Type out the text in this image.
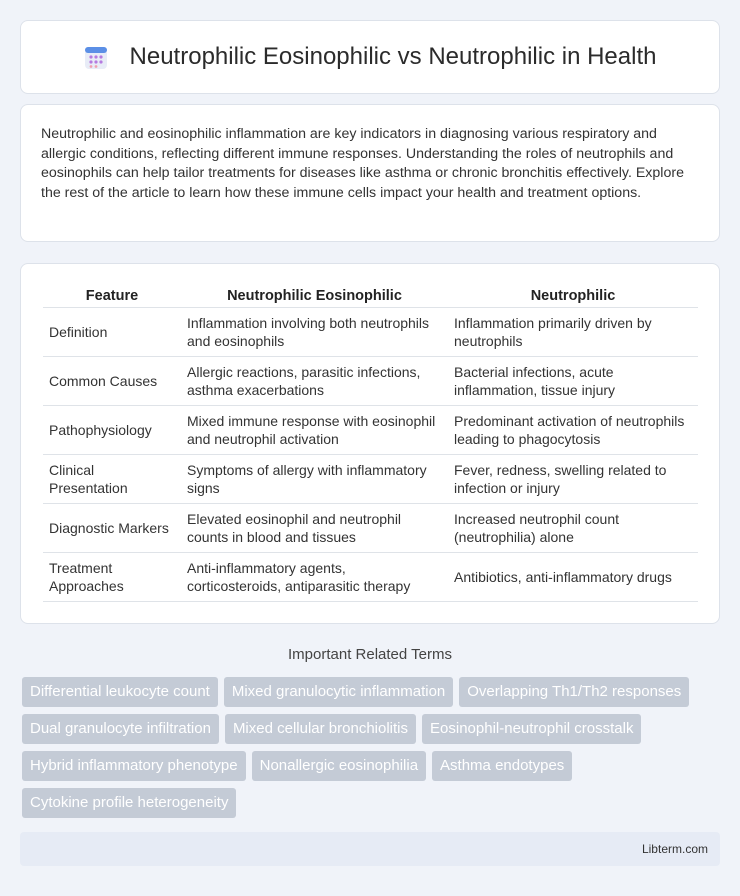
Neutrophilic Eosinophilic vs Neutrophilic in Health

Neutrophilic and eosinophilic inflammation are key indicators in diagnosing various respiratory and allergic conditions, reflecting different immune responses. Understanding the roles of neutrophils and eosinophils can help tailor treatments for diseases like asthma or chronic bronchitis effectively. Explore the rest of the article to learn how these immune cells impact your health and treatment options.

Feature	Neutrophilic Eosinophilic	Neutrophilic
Definition	Inflammation involving both neutrophils and eosinophils	Inflammation primarily driven by neutrophils
Common Causes	Allergic reactions, parasitic infections, asthma exacerbations	Bacterial infections, acute inflammation, tissue injury
Pathophysiology	Mixed immune response with eosinophil and neutrophil activation	Predominant activation of neutrophils leading to phagocytosis
Clinical Presentation	Symptoms of allergy with inflammatory signs	Fever, redness, swelling related to infection or injury
Diagnostic Markers	Elevated eosinophil and neutrophil counts in blood and tissues	Increased neutrophil count (neutrophilia) alone
Treatment Approaches	Anti-inflammatory agents, corticosteroids, antiparasitic therapy	Antibiotics, anti-inflammatory drugs
Important Related Terms
Differential leukocyte count	Mixed granulocytic inflammation	Overlapping Th1/Th2 responses
Dual granulocyte infiltration	Mixed cellular bronchiolitis	Eosinophil-neutrophil crosstalk
Hybrid inflammatory phenotype	Nonallergic eosinophilia	Asthma endotypes
Cytokine profile heterogeneity
Libterm.com
